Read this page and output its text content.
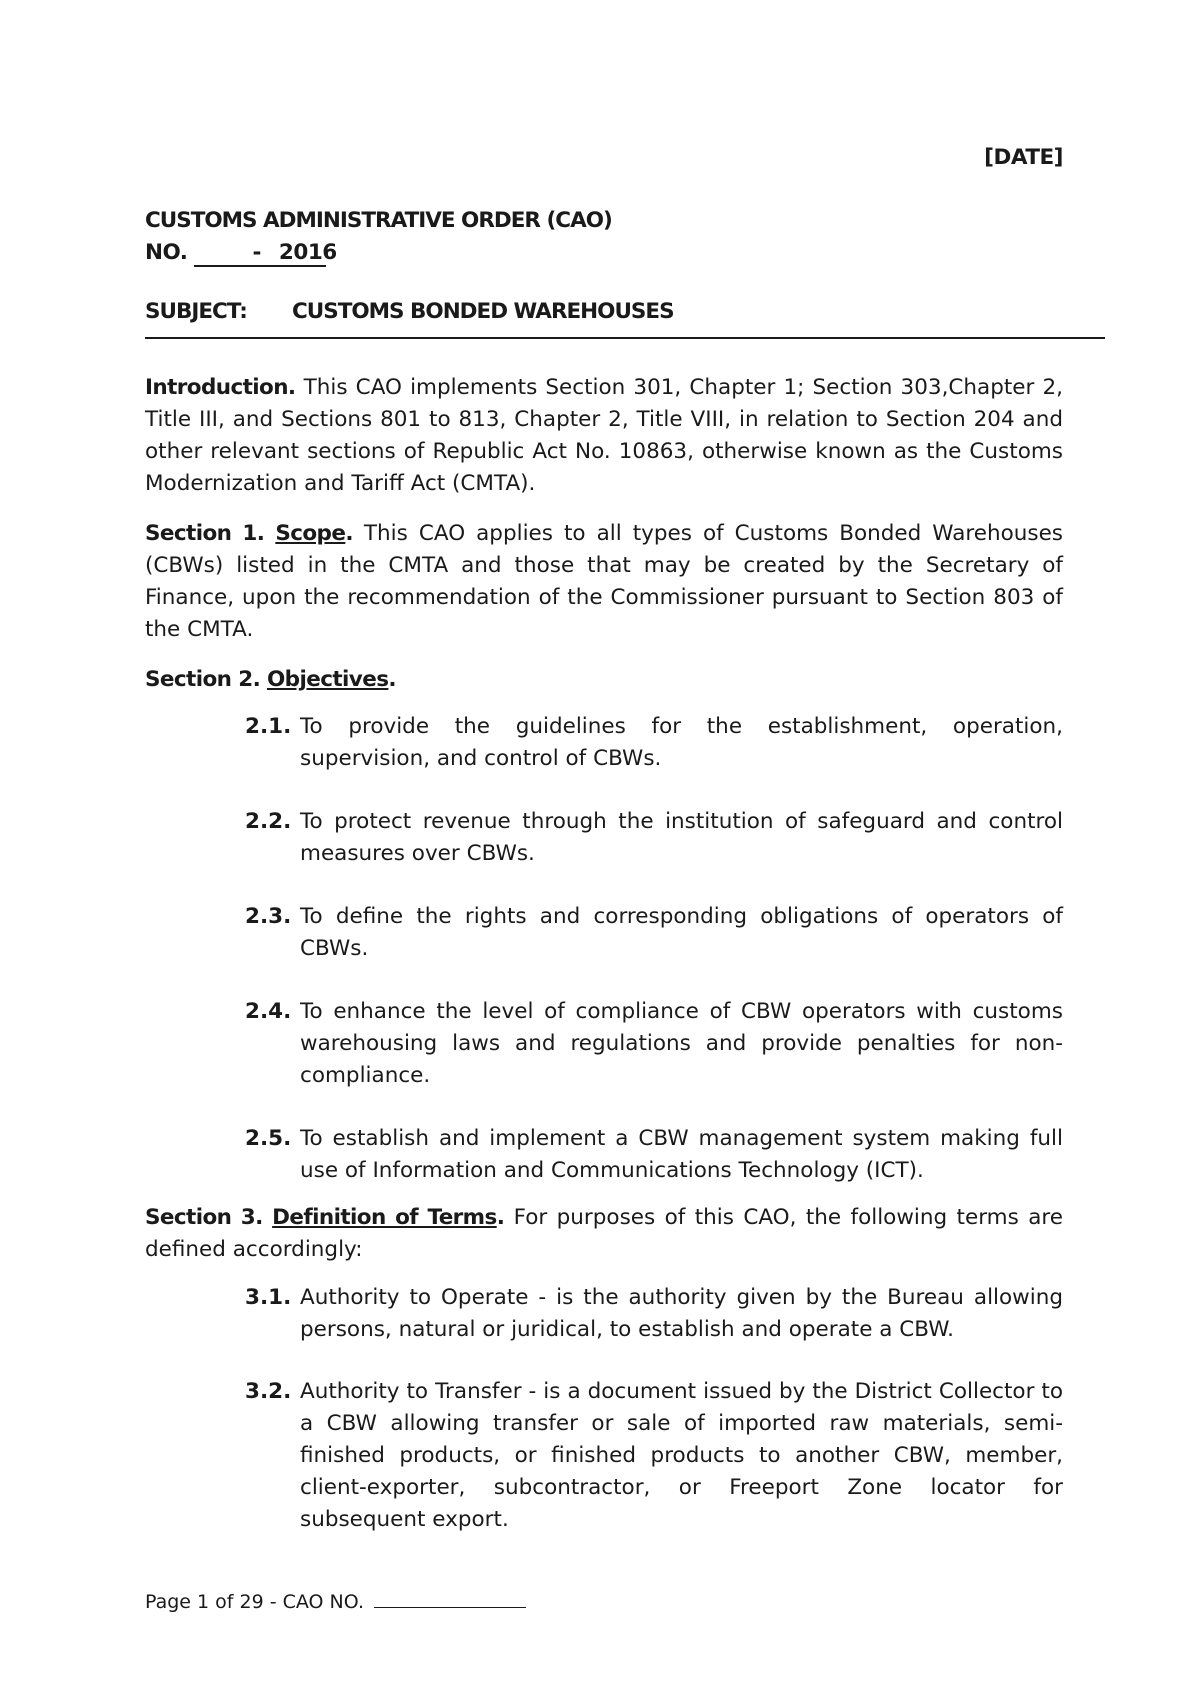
[DATE]
CUSTOMS ADMINISTRATIVE ORDER (CAO)
NO.	- 2016
SUBJECT: CUSTOMS BONDED WAREHOUSES

Introduction. This CAO implements Section 301, Chapter 1; Section 303,Chapter 2, Title III, and Sections 801 to 813, Chapter 2, Title VIII, in relation to Section 204 and other relevant sections of Republic Act No. 10863, otherwise known as the Customs Modernization and Tariff Act (CMTA).

Section 1. Scope. This CAO applies to all types of Customs Bonded Warehouses (CBWs) listed in the CMTA and those that may be created by the Secretary of Finance, upon the recommendation of the Commissioner pursuant to Section 803 of the CMTA.

Section 2. Objectives.

2.1. To provide the guidelines for the establishment, operation, supervision, and control of CBWs.
2.2. To protect revenue through the institution of safeguard and control measures over CBWs.
2.3. To define the rights and corresponding obligations of operators of CBWs.
2.4. To enhance the level of compliance of CBW operators with customs warehousing laws and regulations and provide penalties for non-compliance.
2.5. To establish and implement a CBW management system making full use of Information and Communications Technology (ICT).

Section 3. Definition of Terms. For purposes of this CAO, the following terms are defined accordingly:

3.1. Authority to Operate - is the authority given by the Bureau allowing persons, natural or juridical, to establish and operate a CBW.
3.2. Authority to Transfer - is a document issued by the District Collector to a CBW allowing transfer or sale of imported raw materials, semi-finished products, or finished products to another CBW, member, client-exporter, subcontractor, or Freeport Zone locator for subsequent export.
Page 1 of 29 - CAO NO.
